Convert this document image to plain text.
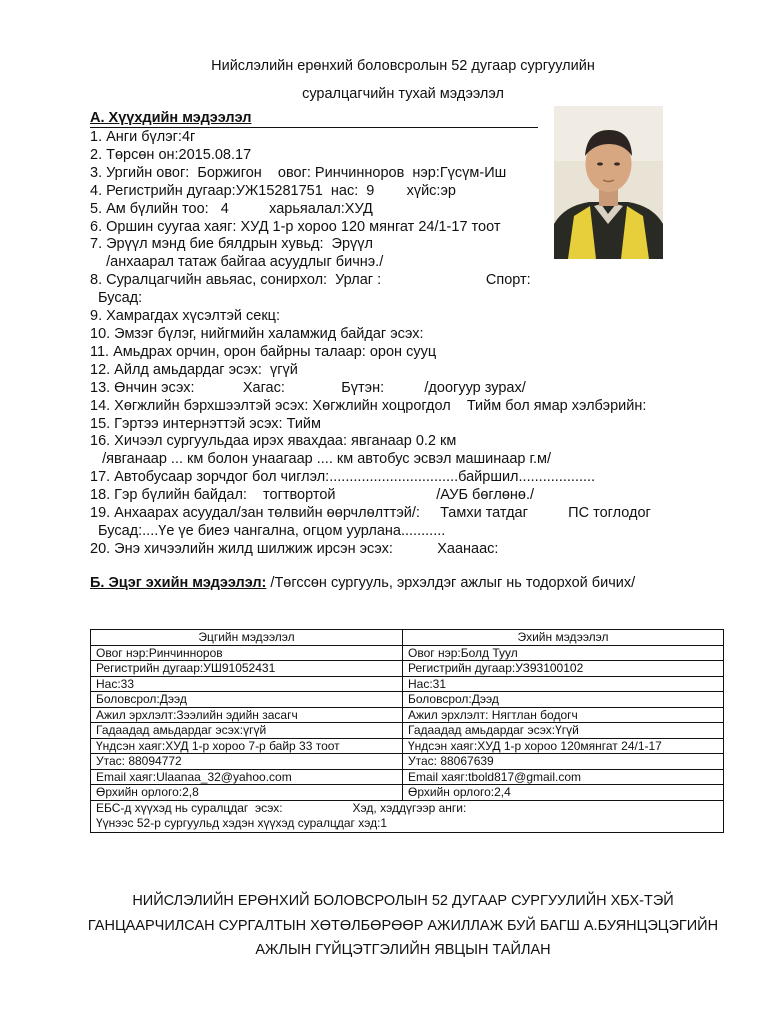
Нийслэлийн ерөнхий боловсролын 52 дугаар сургуулийн
суралцагчийн тухай мэдээлэл
А. Хүүхдийн мэдээлэл
1. Анги бүлэг:4г
2. Төрсөн он:2015.08.17
3. Ургийн овог:  Боржигон    овог: Ринчинноров  нэр:Гүсүм-Иш
4. Регистрийн дугаар:УЖ15281751  нас:  9        хүйс:эр
5. Ам бүлийн тоо:   4          харьяалал:ХУД
6. Оршин суугаа хаяг: ХУД 1-р хороо 120 мянгат 24/1-17 тоот
7. Эрүүл мэнд бие бялдрын хувьд:  Эрүүл
/анхаарал татаж байгаа асуудлыг бичнэ./
8. Суралцагчийн авьяас, сонирхол:  Урлаг :                          Спорт:
Бусад:
9. Хамрагдах хүсэлтэй секц:
10. Эмзэг бүлэг, нийгмийн халамжид байдаг эсэх:
11. Амьдрах орчин, орон байрны талаар: орон сууц
12. Айлд амьдардаг эсэх:  үгүй
13. Өнчин эсэх:            Хагас:              Бүтэн:          /доогуур зурах/
14. Хөгжлийн бэрхшээлтэй эсэх: Хөгжлийн хоцрогдол    Тийм бол ямар хэлбэрийн:
15. Гэртээ интернэттэй эсэх: Тийм
16. Хичээл сургуульдаа ирэх явахдаа: явганаар 0.2 км
/явганаар ... км болон унаагаар .... км автобус эсвэл машинаар г.м/
17. Автобусаар зорчдог бол чиглэл:................................байршил...................
18. Гэр бүлийн байдал:    тогтвортой                         /АУБ бөглөнө./
19. Анхаарах асуудал/зан төлвийн өөрчлөлттэй/:     Тамхи татдаг          ПС тоглодог
Бусад:....Үе үе биеэ чангална, огцом уурлана...........
20. Энэ хичээлийн жилд шилжиж ирсэн эсэх:           Хаанаас:
Б. Эцэг эхийн мэдээлэл: /Төгссөн сургууль, эрхэлдэг ажлыг нь тодорхой бичих/
Эцгийн мэдээлэл	Эхийн мэдээлэл
Овог нэр:Ринчинноров	Овог нэр:Болд Туул
Регистрийн дугаар:УШ91052431	Регистрийн дугаар:УЗ93100102
Нас:33	Нас:31
Боловсрол:Дээд	Боловсрол:Дээд
Ажил эрхлэлт:Зээлийн эдийн засагч	Ажил эрхлэлт: Нягтлан бодогч
Гадаадад амьдардаг эсэх:үгүй	Гадаадад амьдардаг эсэх:Үгүй
Үндсэн хаяг:ХУД 1-р хороо 7-р байр 33 тоот	Үндсэн хаяг:ХУД 1-р хороо 120мянгат 24/1-17
Утас: 88094772	Утас: 88067639
Email хаяг:Ulaanaa_32@yahoo.com	Email хаяг:tbold817@gmail.com
Өрхийн орлого:2,8	Өрхийн орлого:2,4
ЕБС-д хүүхэд нь суралцдаг  эсэх:                     Хэд, хэддүгээр анги:
Үүнээс 52-р сургуульд хэдэн хүүхэд суралцдаг хэд:1	
НИЙСЛЭЛИЙН ЕРӨНХИЙ БОЛОВСРОЛЫН 52 ДУГААР СУРГУУЛИЙН ХБХ-ТЭЙ
ГАНЦААРЧИЛСАН СУРГАЛТЫН ХӨТӨЛБӨРӨӨР АЖИЛЛАЖ БУЙ БАГШ А.БУЯНЦЭЦЭГИЙН
АЖЛЫН ГҮЙЦЭТГЭЛИЙН ЯВЦЫН ТАЙЛАН
